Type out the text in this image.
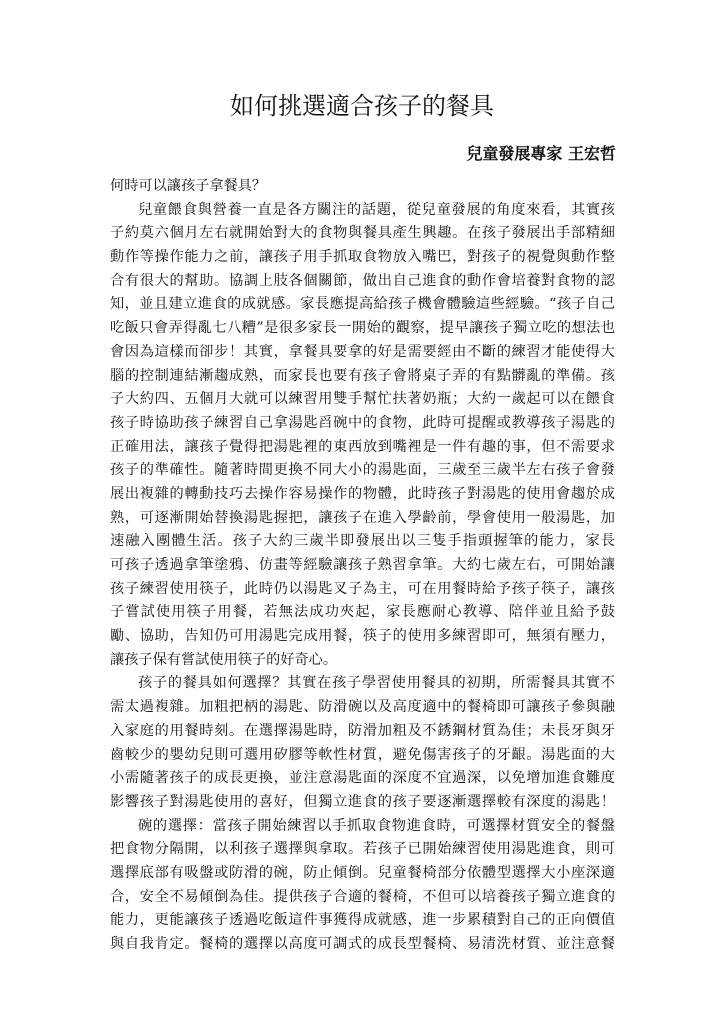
如何挑選適合孩子的餐具
兒童發展專家 王宏哲
何時可以讓孩子拿餐具？
兒童餵食與營養一直是各方關注的話題，從兒童發展的角度來看，其實孩
子約莫六個月左右就開始對大的食物與餐具產生興趣。在孩子發展出手部精細
動作等操作能力之前，讓孩子用手抓取食物放入嘴巴，對孩子的視覺與動作整
合有很大的幫助。協調上肢各個關節，做出自己進食的動作會培養對食物的認
知，並且建立進食的成就感。家長應提高給孩子機會體驗這些經驗。“孩子自己
吃飯只會弄得亂七八糟”是很多家長一開始的觀察，提早讓孩子獨立吃的想法也
會因為這樣而卻步！其實，拿餐具要拿的好是需要經由不斷的練習才能使得大
腦的控制連結漸趨成熟，而家長也要有孩子會將桌子弄的有點髒亂的準備。孩
子大約四、五個月大就可以練習用雙手幫忙扶著奶瓶；大約一歲起可以在餵食
孩子時協助孩子練習自己拿湯匙舀碗中的食物，此時可提醒或教導孩子湯匙的
正確用法，讓孩子覺得把湯匙裡的東西放到嘴裡是一件有趣的事，但不需要求
孩子的準確性。隨著時間更換不同大小的湯匙面，三歲至三歲半左右孩子會發
展出複雜的轉動技巧去操作容易操作的物體，此時孩子對湯匙的使用會趨於成
熟，可逐漸開始替換湯匙握把，讓孩子在進入學齡前，學會使用一般湯匙，加
速融入團體生活。孩子大約三歲半即發展出以三隻手指頭握筆的能力，家長
可孩子透過拿筆塗鴉、仿畫等經驗讓孩子熟習拿筆。大約七歲左右，可開始讓
孩子練習使用筷子，此時仍以湯匙叉子為主，可在用餐時給予孩子筷子，讓孩
子嘗試使用筷子用餐，若無法成功夾起，家長應耐心教導、陪伴並且給予鼓
勵、協助，告知仍可用湯匙完成用餐，筷子的使用多練習即可，無須有壓力，
讓孩子保有嘗試使用筷子的好奇心。
孩子的餐具如何選擇？其實在孩子學習使用餐具的初期，所需餐具其實不
需太過複雜。加粗把柄的湯匙、防滑碗以及高度適中的餐椅即可讓孩子參與融
入家庭的用餐時刻。在選擇湯匙時，防滑加粗及不銹鋼材質為佳；未長牙與牙
齒較少的嬰幼兒則可選用矽膠等軟性材質，避免傷害孩子的牙齦。湯匙面的大
小需隨著孩子的成長更換，並注意湯匙面的深度不宜過深，以免增加進食難度
影響孩子對湯匙使用的喜好，但獨立進食的孩子要逐漸選擇較有深度的湯匙！
碗的選擇：當孩子開始練習以手抓取食物進食時，可選擇材質安全的餐盤
把食物分隔開，以利孩子選擇與拿取。若孩子已開始練習使用湯匙進食，則可
選擇底部有吸盤或防滑的碗，防止傾倒。兒童餐椅部分依體型選擇大小座深適
合，安全不易傾倒為佳。提供孩子合適的餐椅，不但可以培養孩子獨立進食的
能力，更能讓孩子透過吃飯這件事獲得成就感，進一步累積對自己的正向價值
與自我肯定。餐椅的選擇以高度可調式的成長型餐椅、易清洗材質、並注意餐
